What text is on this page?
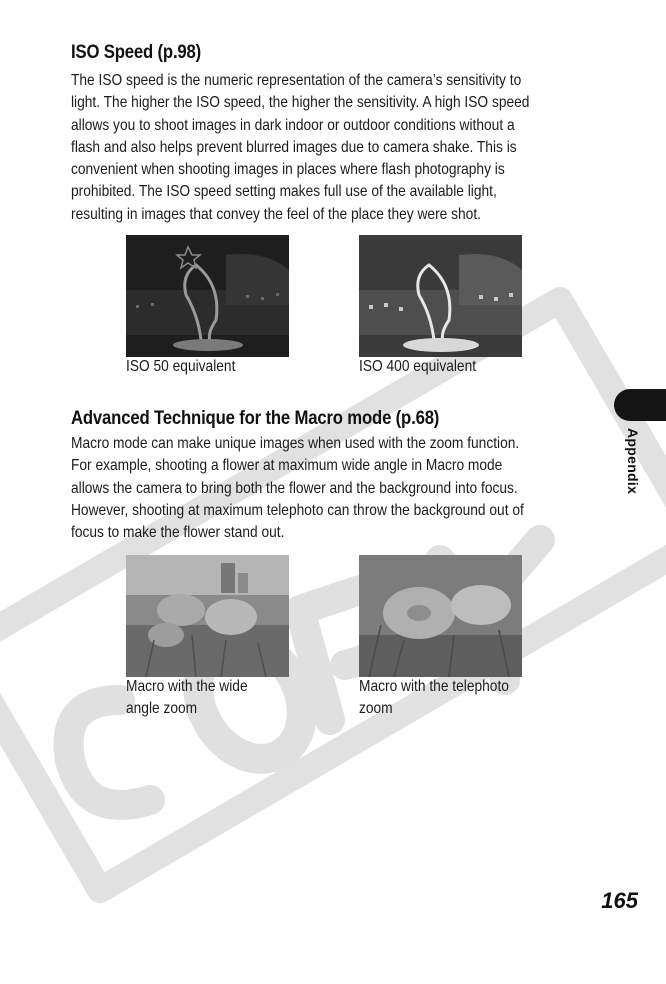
ISO Speed (p.98)

The ISO speed is the numeric representation of the camera’s sensitivity to
light. The higher the ISO speed, the higher the sensitivity. A high ISO speed
allows you to shoot images in dark indoor or outdoor conditions without a
flash and also helps prevent blurred images due to camera shake. This is
convenient when shooting images in places where flash photography is
prohibited. The ISO speed setting makes full use of the available light,
resulting in images that convey the feel of the place they were shot.

ISO 50 equivalent	ISO 400 equivalent

Advanced Technique for the Macro mode (p.68)

Macro mode can make unique images when used with the zoom function.
For example, shooting a flower at maximum wide angle in Macro mode
allows the camera to bring both the flower and the background into focus.
However, shooting at maximum telephoto can throw the background out of
focus to make the flower stand out.

Macro with the wide
angle zoom

Macro with the telephoto
zoom

Appendix

165
